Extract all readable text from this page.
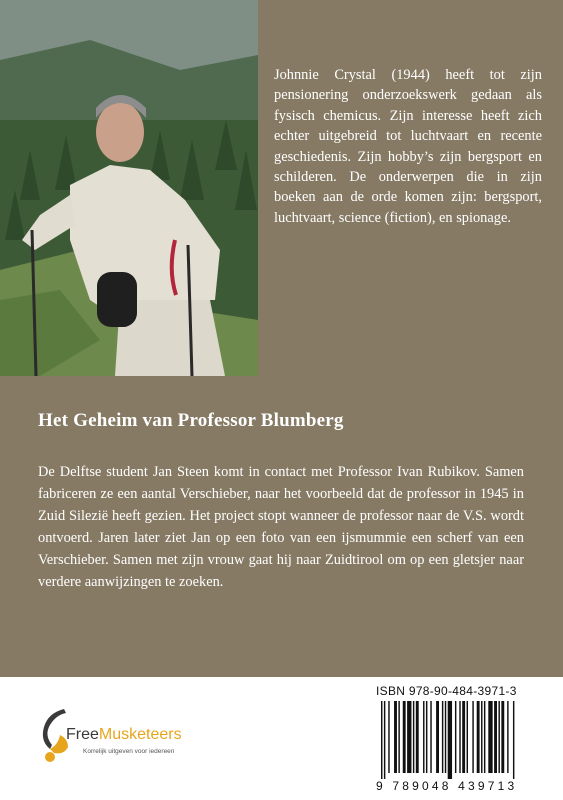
Johnnie Crystal (1944) heeft tot zijn pensionering onderzoekswerk gedaan als fysisch chemicus. Zijn interesse heeft zich echter uitgebreid tot luchtvaart en recente geschiedenis. Zijn hobby’s zijn bergsport en schilderen. De onderwerpen die in zijn boeken aan de orde komen zijn: bergsport, luchtvaart, science (fiction), en spionage.

Het Geheim van Professor Blumberg

De Delftse student Jan Steen komt in contact met Professor Ivan Rubikov. Samen fabriceren ze een aantal Verschieber, naar het voorbeeld dat de professor in 1945 in Zuid Silezië heeft gezien. Het project stopt wanneer de professor naar de V.S. wordt ontvoerd. Jaren later ziet Jan op een foto van een ijsmummie een scherf van een Verschieber. Samen met zijn vrouw gaat hij naar Zuidtirool om op een gletsjer naar verdere aanwijzingen te zoeken.

FreeMusketeers
Korrelijk uitgeven voor iedereen
ISBN 978-90-484-3971-3
9 789048 439713
